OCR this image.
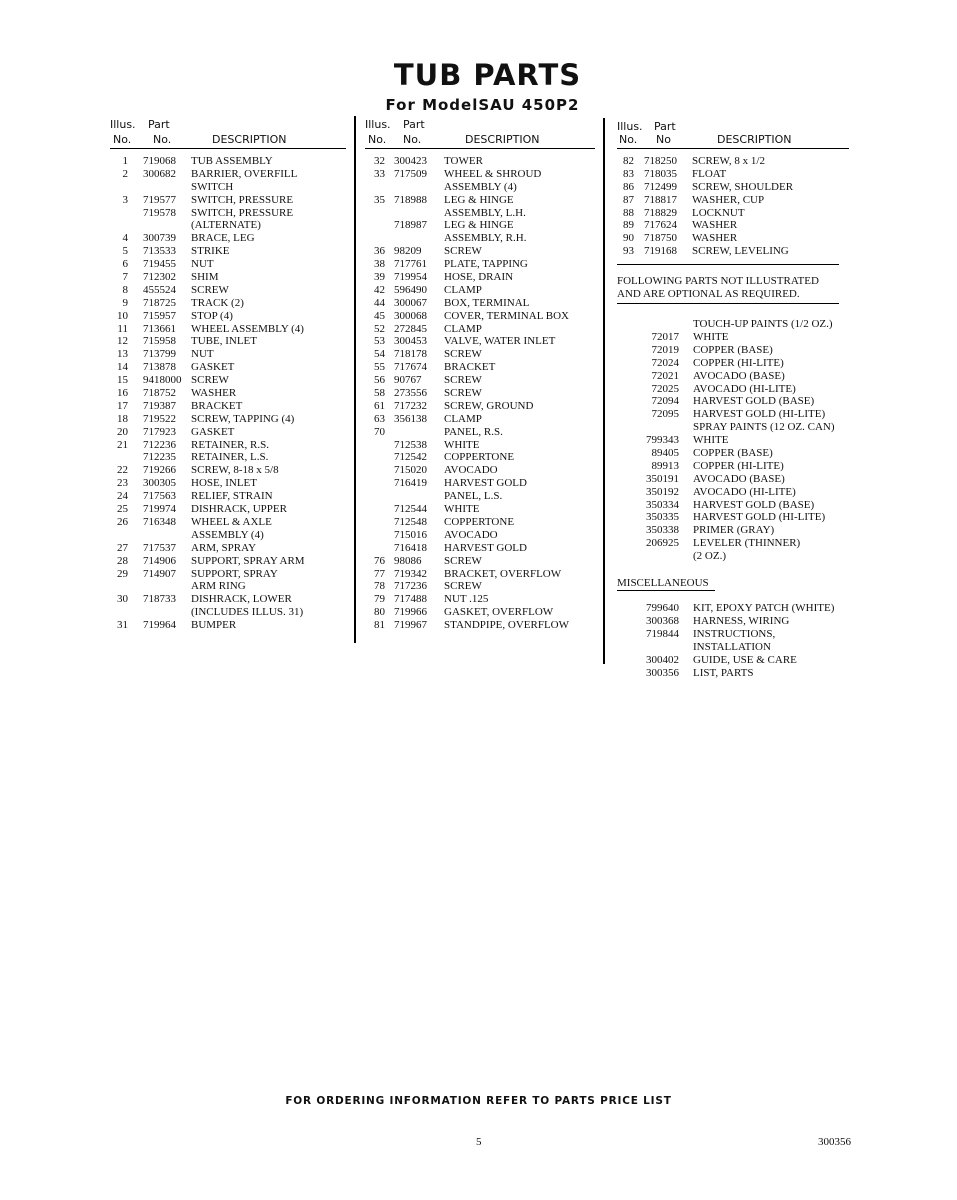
TUB PARTS
For ModelSAU 450P2
Illus. Part
No. No.	DESCRIPTION
1 719068 TUB ASSEMBLY
2 300682 BARRIER, OVERFILL
SWITCH
3 719577 SWITCH, PRESSURE
719578 SWITCH, PRESSURE
(ALTERNATE)
4 300739 BRACE, LEG
5 713533 STRIKE
6 719455 NUT
7 712302 SHIM
8 455524 SCREW
9 718725 TRACK (2)
10 715957 STOP (4)
11 713661 WHEEL ASSEMBLY (4)
12 715958 TUBE, INLET
13 713799 NUT
14 713878 GASKET
15 9418000 SCREW
16 718752 WASHER
17 719387 BRACKET
18 719522 SCREW, TAPPING (4)
20 717923 GASKET
21 712236 RETAINER, R.S.
712235 RETAINER, L.S.
22 719266 SCREW, 8-18 x 5/8
23 300305 HOSE, INLET
24 717563 RELIEF, STRAIN
25 719974 DISHRACK, UPPER
26 716348 WHEEL & AXLE
ASSEMBLY (4)
27 717537 ARM, SPRAY
28 714906 SUPPORT, SPRAY ARM
29 714907 SUPPORT, SPRAY
ARM RING
30 718733 DISHRACK, LOWER
(INCLUDES ILLUS. 31)
31 719964 BUMPER
Illus. Part
No. No.	DESCRIPTION
32 300423 TOWER
33 717509 WHEEL & SHROUD
ASSEMBLY (4)
35 718988 LEG & HINGE
ASSEMBLY, L.H.
718987 LEG & HINGE
ASSEMBLY, R.H.
36 98209 SCREW
38 717761 PLATE, TAPPING
39 719954 HOSE, DRAIN
42 596490 CLAMP
44 300067 BOX, TERMINAL
45 300068 COVER, TERMINAL BOX
52 272845 CLAMP
53 300453 VALVE, WATER INLET
54 718178 SCREW
55 717674 BRACKET
56 90767 SCREW
58 273556 SCREW
61 717232 SCREW, GROUND
63 356138 CLAMP
70	PANEL, R.S.
712538 WHITE
712542 COPPERTONE
715020 AVOCADO
716419 HARVEST GOLD
PANEL, L.S.
712544 WHITE
712548 COPPERTONE
715016 AVOCADO
716418 HARVEST GOLD
76 98086 SCREW
77 719342 BRACKET, OVERFLOW
78 717236 SCREW
79 717488 NUT .125
80 719966 GASKET, OVERFLOW
81 719967 STANDPIPE, OVERFLOW
Illus. Part
No. No	DESCRIPTION
82 718250 SCREW, 8 x 1/2
83 718035 FLOAT
86 712499 SCREW, SHOULDER
87 718817 WASHER, CUP
88 718829 LOCKNUT
89 717624 WASHER
90 718750 WASHER
93 719168 SCREW, LEVELING
FOLLOWING PARTS NOT ILLUSTRATED
AND ARE OPTIONAL AS REQUIRED.
TOUCH-UP PAINTS (1/2 OZ.)
72017 WHITE
72019 COPPER (BASE)
72024 COPPER (HI-LITE)
72021 AVOCADO (BASE)
72025 AVOCADO (HI-LITE)
72094 HARVEST GOLD (BASE)
72095 HARVEST GOLD (HI-LITE)
SPRAY PAINTS (12 OZ. CAN)
799343 WHITE
89405 COPPER (BASE)
89913 COPPER (HI-LITE)
350191 AVOCADO (BASE)
350192 AVOCADO (HI-LITE)
350334 HARVEST GOLD (BASE)
350335 HARVEST GOLD (HI-LITE)
350338 PRIMER (GRAY)
206925 LEVELER (THINNER)
(2 OZ.)
MISCELLANEOUS
799640 KIT, EPOXY PATCH (WHITE)
300368 HARNESS, WIRING
719844 INSTRUCTIONS,
INSTALLATION
300402 GUIDE, USE & CARE
300356 LIST, PARTS
FOR ORDERING INFORMATION REFER TO PARTS PRICE LIST
5	300356
